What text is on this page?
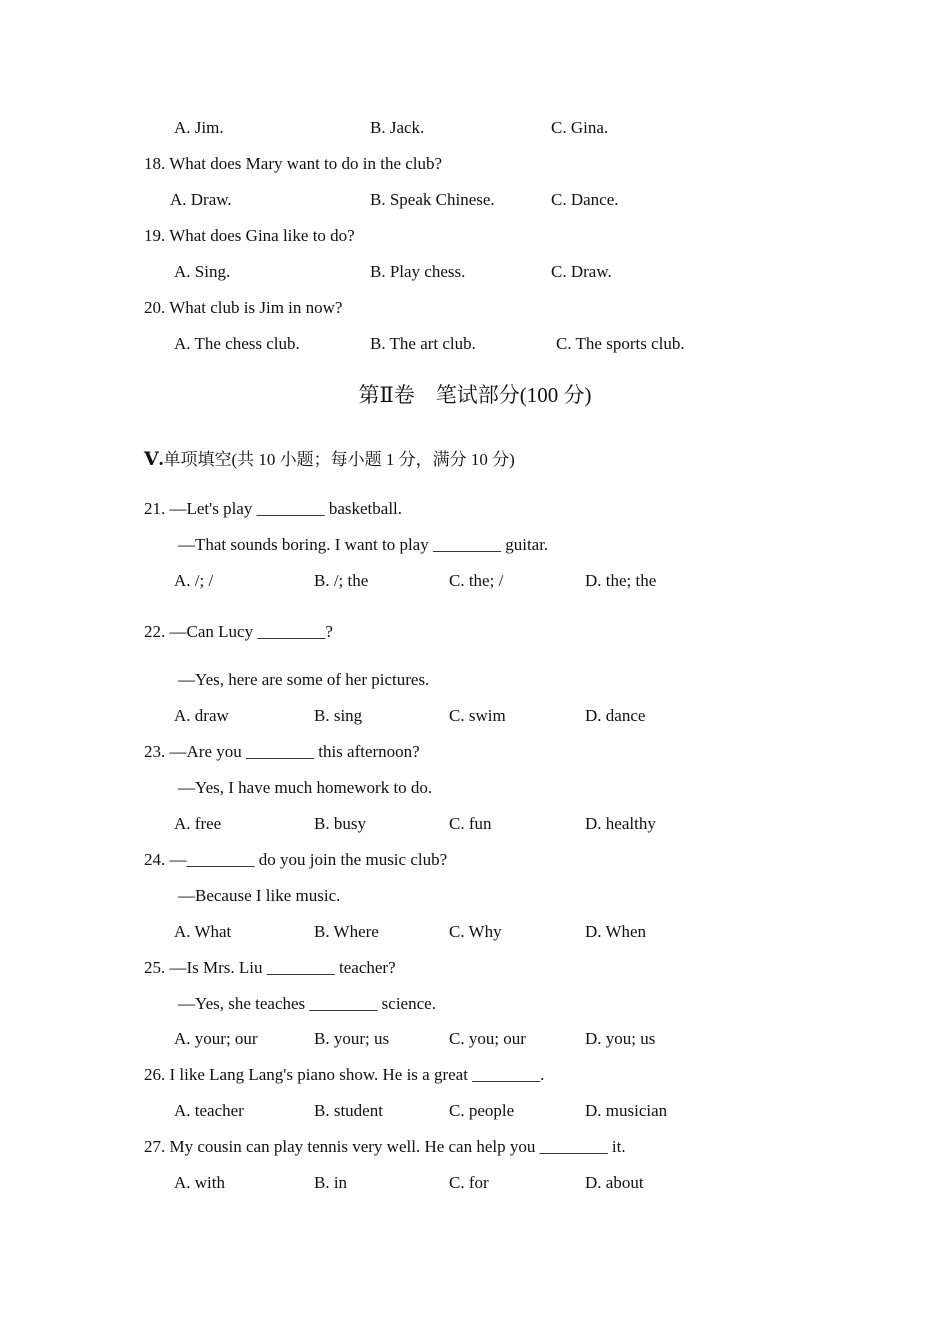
A. Jim.	B. Jack.	C. Gina.
18. What does Mary want to do in the club?
A. Draw.	B. Speak Chinese.	C. Dance.
19. What does Gina like to do?
A. Sing.	B. Play chess.	C. Draw.
20. What club is Jim in now?
A. The chess club.	B. The art club.	C. The sports club.
第Ⅱ卷　笔试部分(100 分)
Ⅴ.单项填空(共 10 小题；每小题 1 分，满分 10 分)
21. —Let's play ________ basketball.
—That sounds boring. I want to play ________ guitar.
A. /; /	B. /; the	C. the; /	D. the; the
22. —Can Lucy ________?
—Yes, here are some of her pictures.
A. draw	B. sing	C. swim	D. dance
23. —Are you ________ this afternoon?
—Yes, I have much homework to do.
A. free	B. busy	C. fun	D. healthy
24. —________ do you join the music club?
—Because I like music.
A. What	B. Where	C. Why	D. When
25. —Is Mrs. Liu ________ teacher?
—Yes, she teaches ________ science.
A. your; our	B. your; us	C. you; our	D. you; us
26. I like Lang Lang's piano show. He is a great ________.
A. teacher	B. student	C. people	D. musician
27. My cousin can play tennis very well. He can help you ________ it.
A. with	B. in	C. for	D. about
